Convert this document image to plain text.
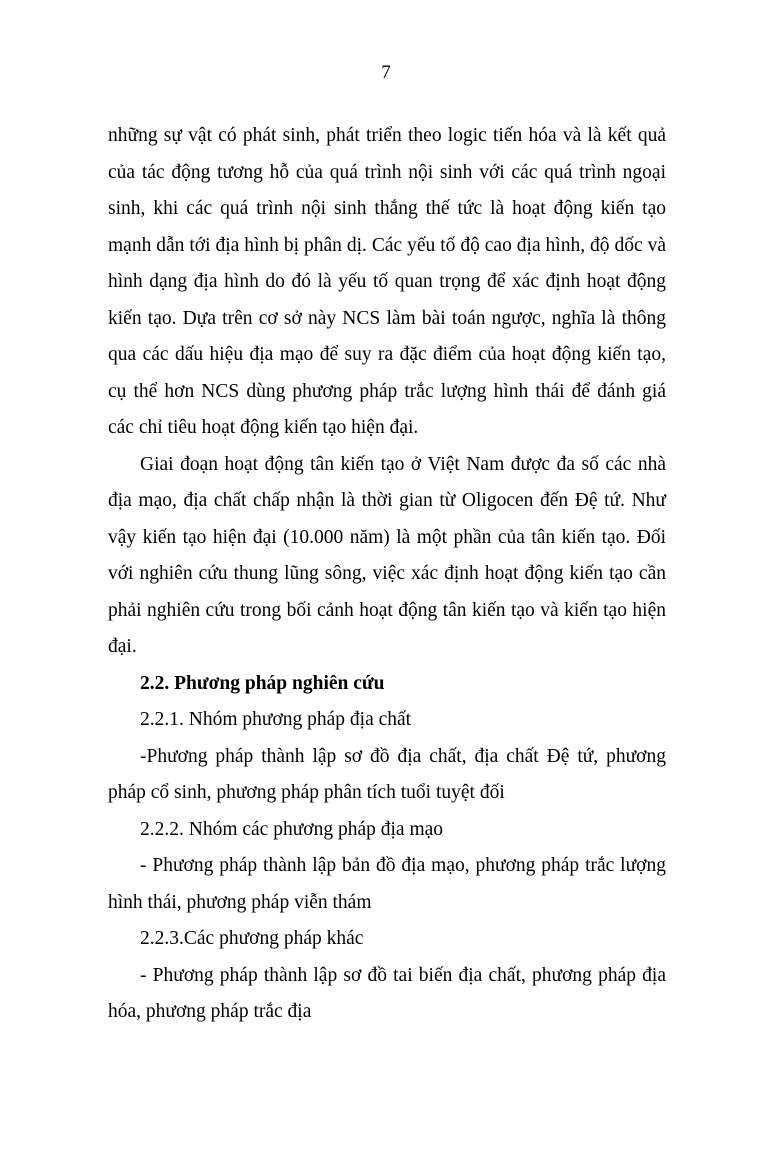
7

những sự vật có phát sinh, phát triển theo logic tiến hóa và là kết quả của tác động tương hỗ của quá trình nội sinh với các quá trình ngoại sinh, khi các quá trình nội sinh thắng thế tức là hoạt động kiến tạo mạnh dẫn tới địa hình bị phân dị. Các yếu tố độ cao địa hình, độ dốc và hình dạng địa hình do đó là yếu tố quan trọng để xác định hoạt động kiến tạo. Dựa trên cơ sở này NCS làm bài toán ngược, nghĩa là thông qua các dấu hiệu địa mạo để suy ra đặc điểm của hoạt động kiến tạo, cụ thể hơn NCS dùng phương pháp trắc lượng hình thái để đánh giá các chỉ tiêu hoạt động kiến tạo hiện đại.

Giai đoạn hoạt động tân kiến tạo ở Việt Nam được đa số các nhà địa mạo, địa chất chấp nhận là thời gian từ Oligocen đến Đệ tứ. Như vậy kiến tạo hiện đại (10.000 năm) là một phần của tân kiến tạo. Đối với nghiên cứu thung lũng sông, việc xác định hoạt động kiến tạo cần phải nghiên cứu trong bối cảnh hoạt động tân kiến tạo và kiến tạo hiện đại.

2.2. Phương pháp nghiên cứu

2.2.1. Nhóm phương pháp địa chất

-Phương pháp thành lập sơ đồ địa chất, địa chất Đệ tứ, phương pháp cổ sinh, phương pháp phân tích tuổi tuyệt đối

2.2.2. Nhóm các phương pháp địa mạo

- Phương pháp thành lập bản đồ địa mạo, phương pháp trắc lượng hình thái, phương pháp viễn thám

2.2.3.Các phương pháp khác

- Phương pháp thành lập sơ đồ tai biến địa chất, phương pháp địa hóa, phương pháp trắc địa
